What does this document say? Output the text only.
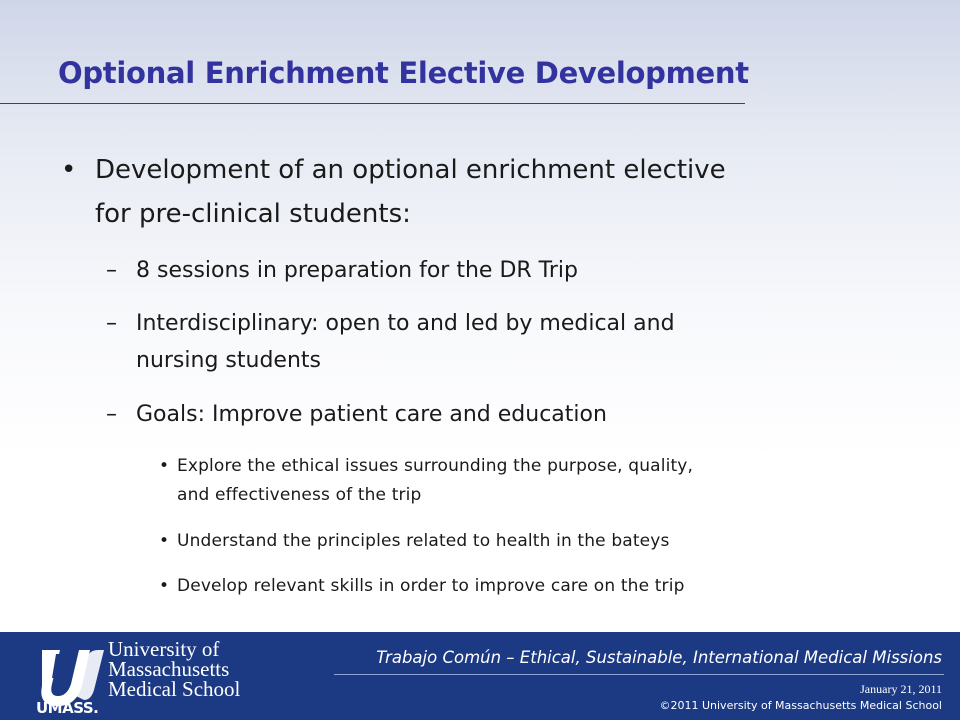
Optional Enrichment Elective Development
• Development of an optional enrichment elective
for pre-clinical students:
– 8 sessions in preparation for the DR Trip
– Interdisciplinary: open to and led by medical and
nursing students
– Goals: Improve patient care and education
• Explore the ethical issues surrounding the purpose, quality,
and effectiveness of the trip
• Understand the principles related to health in the bateys
• Develop relevant skills in order to improve care on the trip
UMASS.
University of
Massachusetts
Medical School
Trabajo Común – Ethical, Sustainable, International Medical Missions
January 21, 2011
©2011 University of Massachusetts Medical School
